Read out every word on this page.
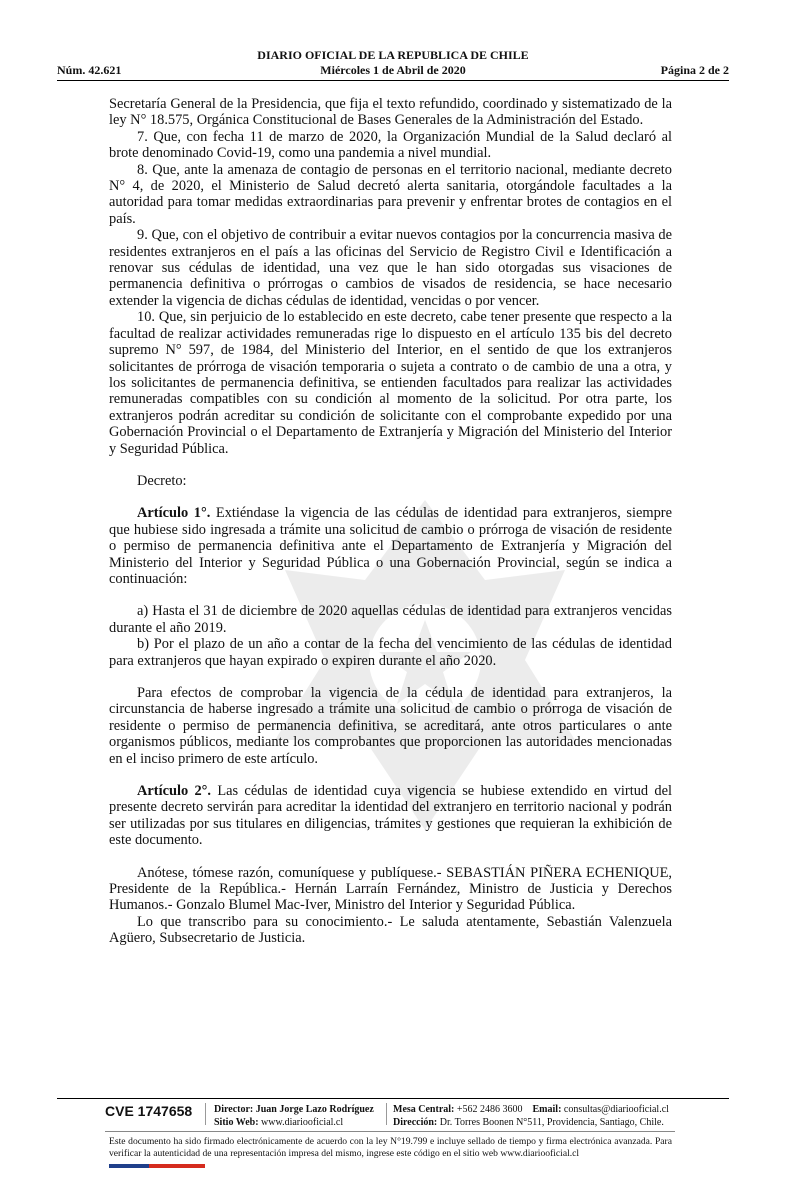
DIARIO OFICIAL DE LA REPUBLICA DE CHILE
Núm. 42.621	Miércoles 1 de Abril de 2020	Página 2 de 2

Secretaría General de la Presidencia, que fija el texto refundido, coordinado y sistematizado de la ley N° 18.575, Orgánica Constitucional de Bases Generales de la Administración del Estado.

7. Que, con fecha 11 de marzo de 2020, la Organización Mundial de la Salud declaró al brote denominado Covid-19, como una pandemia a nivel mundial.

8. Que, ante la amenaza de contagio de personas en el territorio nacional, mediante decreto N° 4, de 2020, el Ministerio de Salud decretó alerta sanitaria, otorgándole facultades a la autoridad para tomar medidas extraordinarias para prevenir y enfrentar brotes de contagios en el país.

9. Que, con el objetivo de contribuir a evitar nuevos contagios por la concurrencia masiva de residentes extranjeros en el país a las oficinas del Servicio de Registro Civil e Identificación a renovar sus cédulas de identidad, una vez que le han sido otorgadas sus visaciones de permanencia definitiva o prórrogas o cambios de visados de residencia, se hace necesario extender la vigencia de dichas cédulas de identidad, vencidas o por vencer.

10. Que, sin perjuicio de lo establecido en este decreto, cabe tener presente que respecto a la facultad de realizar actividades remuneradas rige lo dispuesto en el artículo 135 bis del decreto supremo N° 597, de 1984, del Ministerio del Interior, en el sentido de que los extranjeros solicitantes de prórroga de visación temporaria o sujeta a contrato o de cambio de una a otra, y los solicitantes de permanencia definitiva, se entienden facultados para realizar las actividades remuneradas compatibles con su condición al momento de la solicitud. Por otra parte, los extranjeros podrán acreditar su condición de solicitante con el comprobante expedido por una Gobernación Provincial o el Departamento de Extranjería y Migración del Ministerio del Interior y Seguridad Pública.

Decreto:

Artículo 1°. Extiéndase la vigencia de las cédulas de identidad para extranjeros, siempre que hubiese sido ingresada a trámite una solicitud de cambio o prórroga de visación de residente o permiso de permanencia definitiva ante el Departamento de Extranjería y Migración del Ministerio del Interior y Seguridad Pública o una Gobernación Provincial, según se indica a continuación:

a) Hasta el 31 de diciembre de 2020 aquellas cédulas de identidad para extranjeros vencidas durante el año 2019.

b) Por el plazo de un año a contar de la fecha del vencimiento de las cédulas de identidad para extranjeros que hayan expirado o expiren durante el año 2020.

Para efectos de comprobar la vigencia de la cédula de identidad para extranjeros, la circunstancia de haberse ingresado a trámite una solicitud de cambio o prórroga de visación de residente o permiso de permanencia definitiva, se acreditará, ante otros particulares o ante organismos públicos, mediante los comprobantes que proporcionen las autoridades mencionadas en el inciso primero de este artículo.

Artículo 2°. Las cédulas de identidad cuya vigencia se hubiese extendido en virtud del presente decreto servirán para acreditar la identidad del extranjero en territorio nacional y podrán ser utilizadas por sus titulares en diligencias, trámites y gestiones que requieran la exhibición de este documento.

Anótese, tómese razón, comuníquese y publíquese.- SEBASTIÁN PIÑERA ECHENIQUE, Presidente de la República.- Hernán Larraín Fernández, Ministro de Justicia y Derechos Humanos.- Gonzalo Blumel Mac-Iver, Ministro del Interior y Seguridad Pública.

Lo que transcribo para su conocimiento.- Le saluda atentamente, Sebastián Valenzuela Agüero, Subsecretario de Justicia.

CVE 1747658 Director: Juan Jorge Lazo Rodríguez
Sitio Web: www.diariooficial.cl
Mesa Central: +562 2486 3600 Email: consultas@diariooficial.cl
Dirección: Dr. Torres Boonen N°511, Providencia, Santiago, Chile.
Este documento ha sido firmado electrónicamente de acuerdo con la ley N°19.799 e incluye sellado de tiempo y firma electrónica avanzada. Para verificar la autenticidad de una representación impresa del mismo, ingrese este código en el sitio web www.diariooficial.cl
